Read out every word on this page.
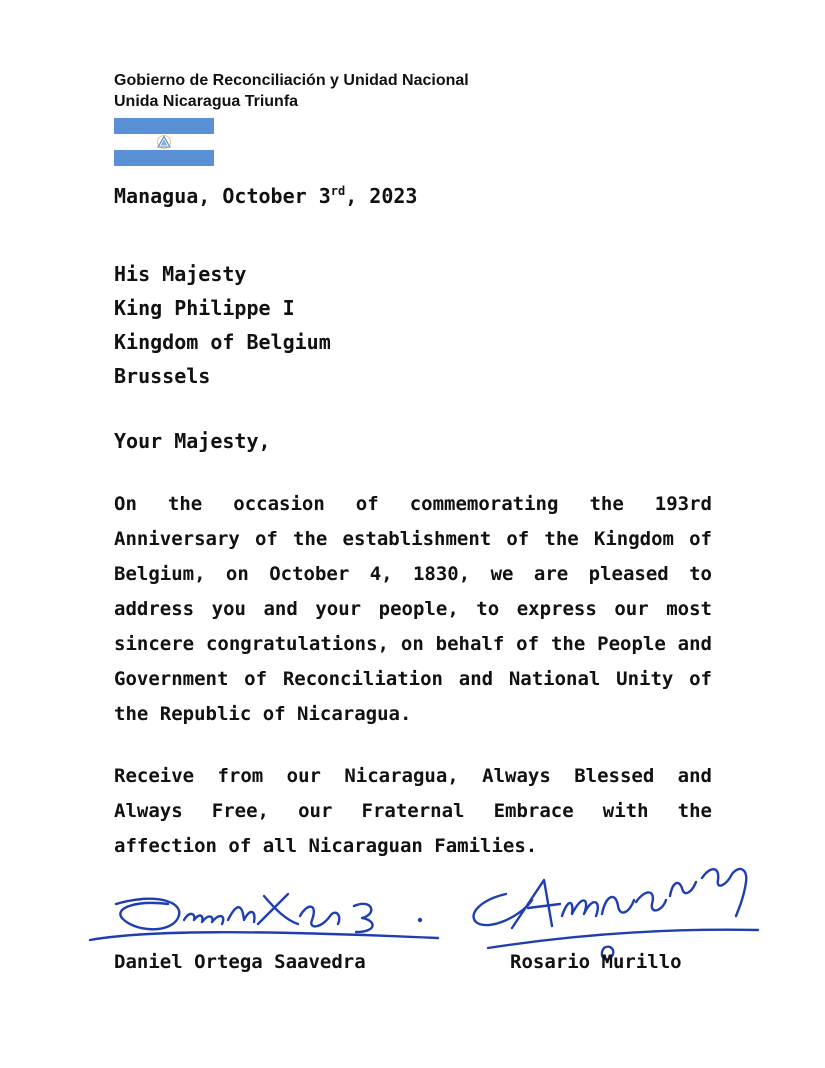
Gobierno de Reconciliación y Unidad Nacional
Unida Nicaragua Triunfa
Managua, October 3rd, 2023
His Majesty
King Philippe I
Kingdom of Belgium
Brussels
Your Majesty,
On the occasion of commemorating the 193rd Anniversary of the establishment of the Kingdom of Belgium, on October 4, 1830, we are pleased to address you and your people, to express our most sincere congratulations, on behalf of the People and Government of Reconciliation and National Unity of the Republic of Nicaragua.
Receive from our Nicaragua, Always Blessed and Always Free, our Fraternal Embrace with the affection of all Nicaraguan Families.
Daniel Ortega Saavedra	Rosario Murillo
